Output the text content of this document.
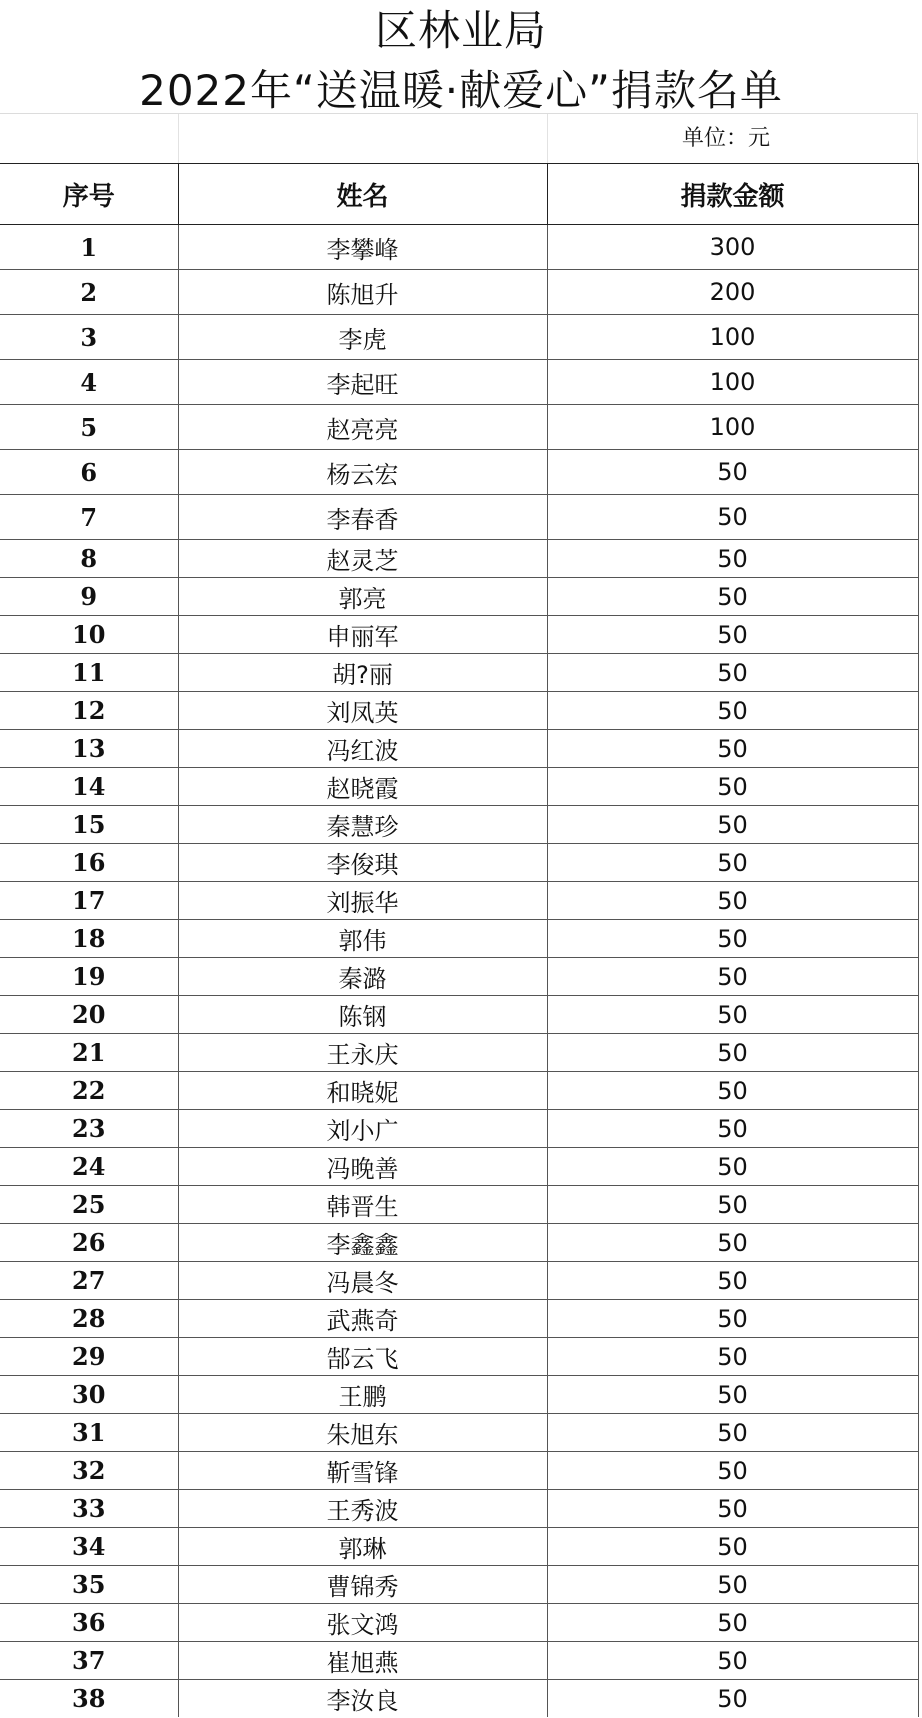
区林业局
2022年“送温暖·献爱心”捐款名单
单位：元
序号	姓名	捐款金额
1	李攀峰	300
2	陈旭升	200
3	李虎	100
4	李起旺	100
5	赵亮亮	100
6	杨云宏	50
7	李春香	50
8	赵灵芝	50
9	郭亮	50
10	申丽军	50
11	胡?丽	50
12	刘凤英	50
13	冯红波	50
14	赵晓霞	50
15	秦慧珍	50
16	李俊琪	50
17	刘振华	50
18	郭伟	50
19	秦潞	50
20	陈钢	50
21	王永庆	50
22	和晓妮	50
23	刘小广	50
24	冯晚善	50
25	韩晋生	50
26	李鑫鑫	50
27	冯晨冬	50
28	武燕奇	50
29	郜云飞	50
30	王鹏	50
31	朱旭东	50
32	靳雪锋	50
33	王秀波	50
34	郭琳	50
35	曹锦秀	50
36	张文鸿	50
37	崔旭燕	50
38	李汝良	50
